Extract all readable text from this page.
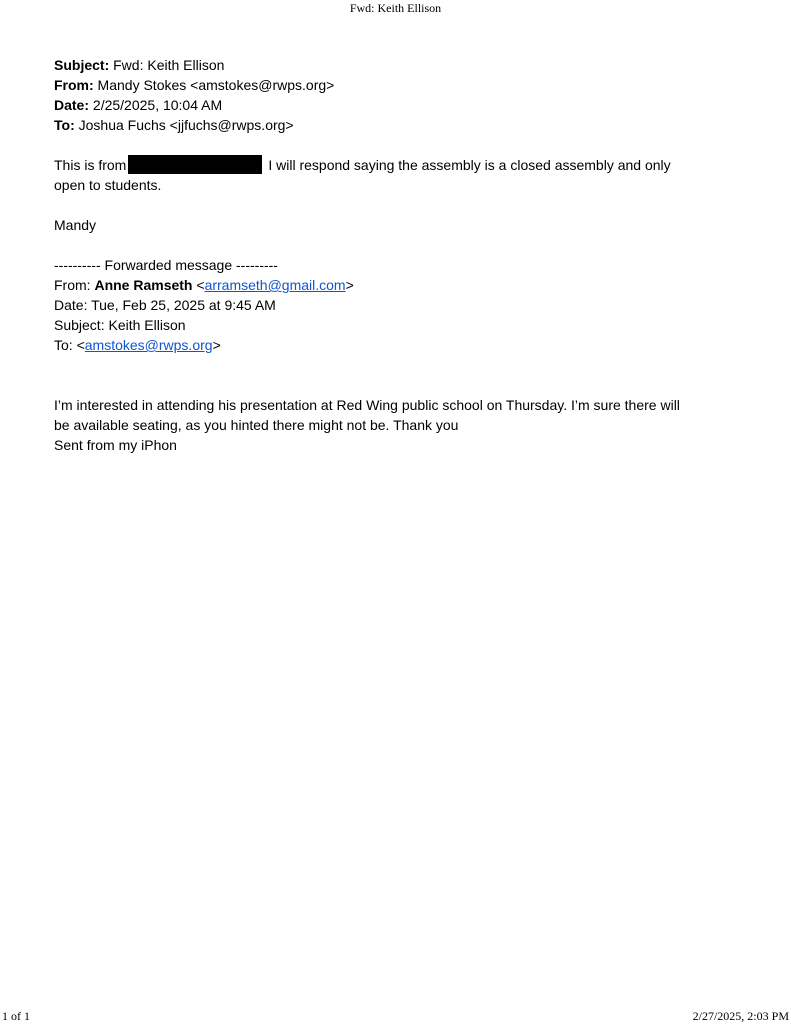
Fwd: Keith Ellison
Subject: Fwd: Keith Ellison
From: Mandy Stokes <amstokes@rwps.org>
Date: 2/25/2025, 10:04 AM
To: Joshua Fuchs <jjfuchs@rwps.org>
This is from	I will respond saying the assembly is a closed assembly and only
open to students.
Mandy
---------- Forwarded message ---------
From: Anne Ramseth <arramseth@gmail.com>
Date: Tue, Feb 25, 2025 at 9:45 AM
Subject: Keith Ellison
To: <amstokes@rwps.org>
I’m interested in attending his presentation at Red Wing public school on Thursday. I’m sure there will
be available seating, as you hinted there might not be. Thank you
Sent from my iPhon
1 of 1	2/27/2025, 2:03 PM
